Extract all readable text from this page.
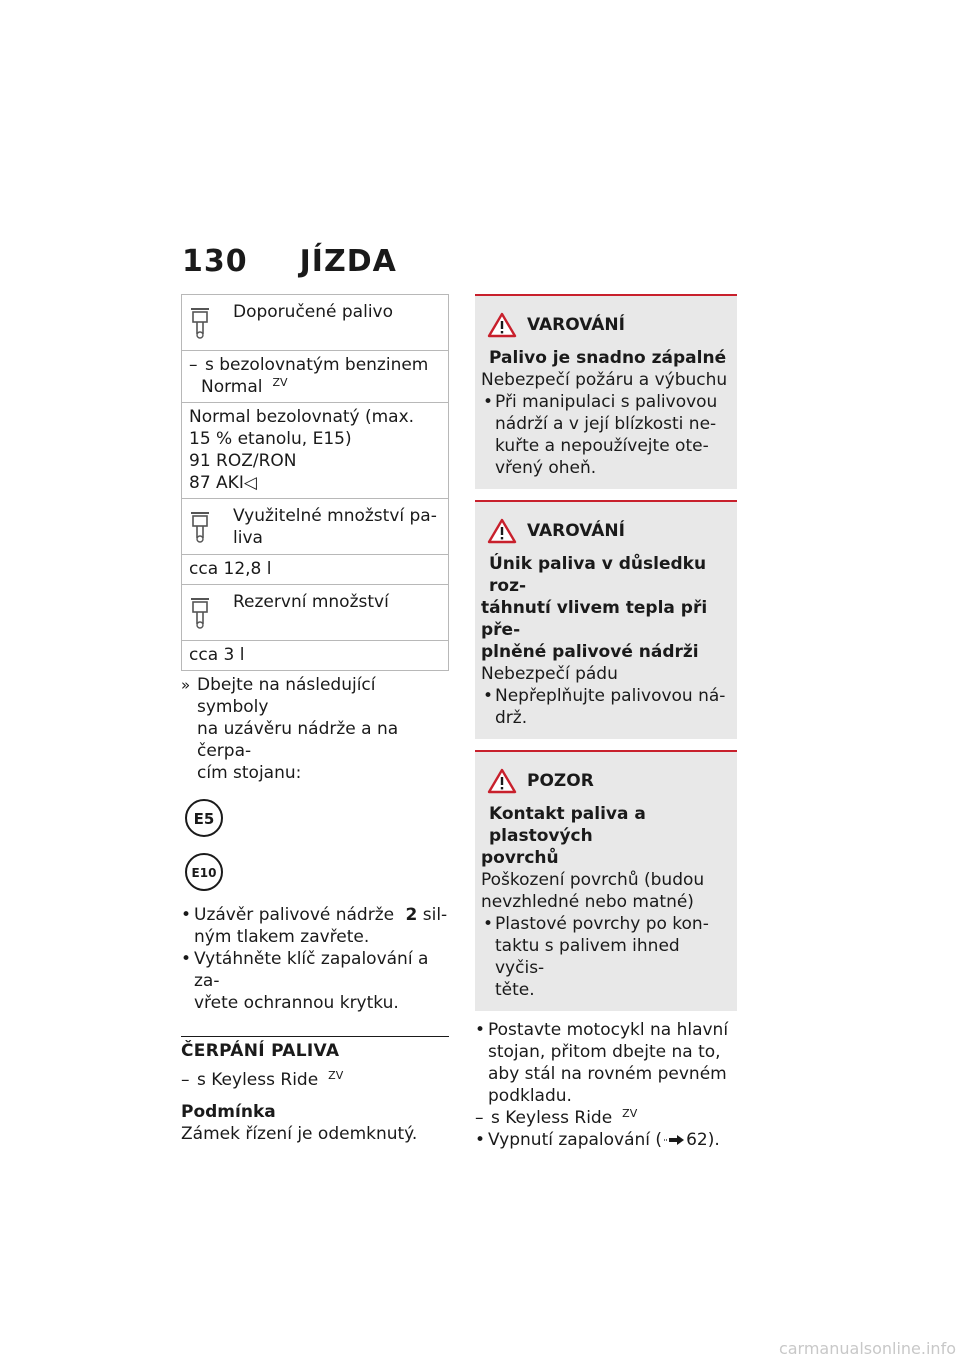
130 JÍZDA
Doporučené palivo
– s bezolovnatým benzinem
Normal $^{ZV}$
Normal bezolovnatý (max.
15 % etanolu, E15)
91 ROZ/RON
87 AKI◁
Využitelné množství pa-
liva
cca 12,8 l
Rezervní množství
cca 3 l
» Dbejte na následující symboly
na uzávěru nádrže a na čerpa-
cím stojanu:
E5
E10
• Uzávěr palivové nádrže 2 sil-
ným tlakem zavřete.
• Vytáhněte klíč zapalování a za-
vřete ochrannou krytku.
ČERPÁNÍ PALIVA
– s Keyless Ride $^{ZV}$
Podmínka
Zámek řízení je odemknutý.
VAROVÁNÍ
Palivo je snadno zápalné
Nebezpečí požáru a výbuchu
• Při manipulaci s palivovou
nádrží a v její blízkosti ne-
kuřte a nepoužívejte ote-
vřený oheň.
VAROVÁNÍ
Únik paliva v důsledku roz-
táhnutí vlivem tepla při pře-
plněné palivové nádrži
Nebezpečí pádu
• Nepřeplňujte palivovou ná-
drž.
POZOR
Kontakt paliva a plastových
povrchů
Poškození povrchů (budou
nevzhledné nebo matné)
• Plastové povrchy po kon-
taktu s palivem ihned vyčis-
těte.
• Postavte motocykl na hlavní
stojan, přitom dbejte na to,
aby stál na rovném pevném
podkladu.
– s Keyless Ride $^{ZV}$
• Vypnutí zapalování ( 62).
carmanualsonline.info
